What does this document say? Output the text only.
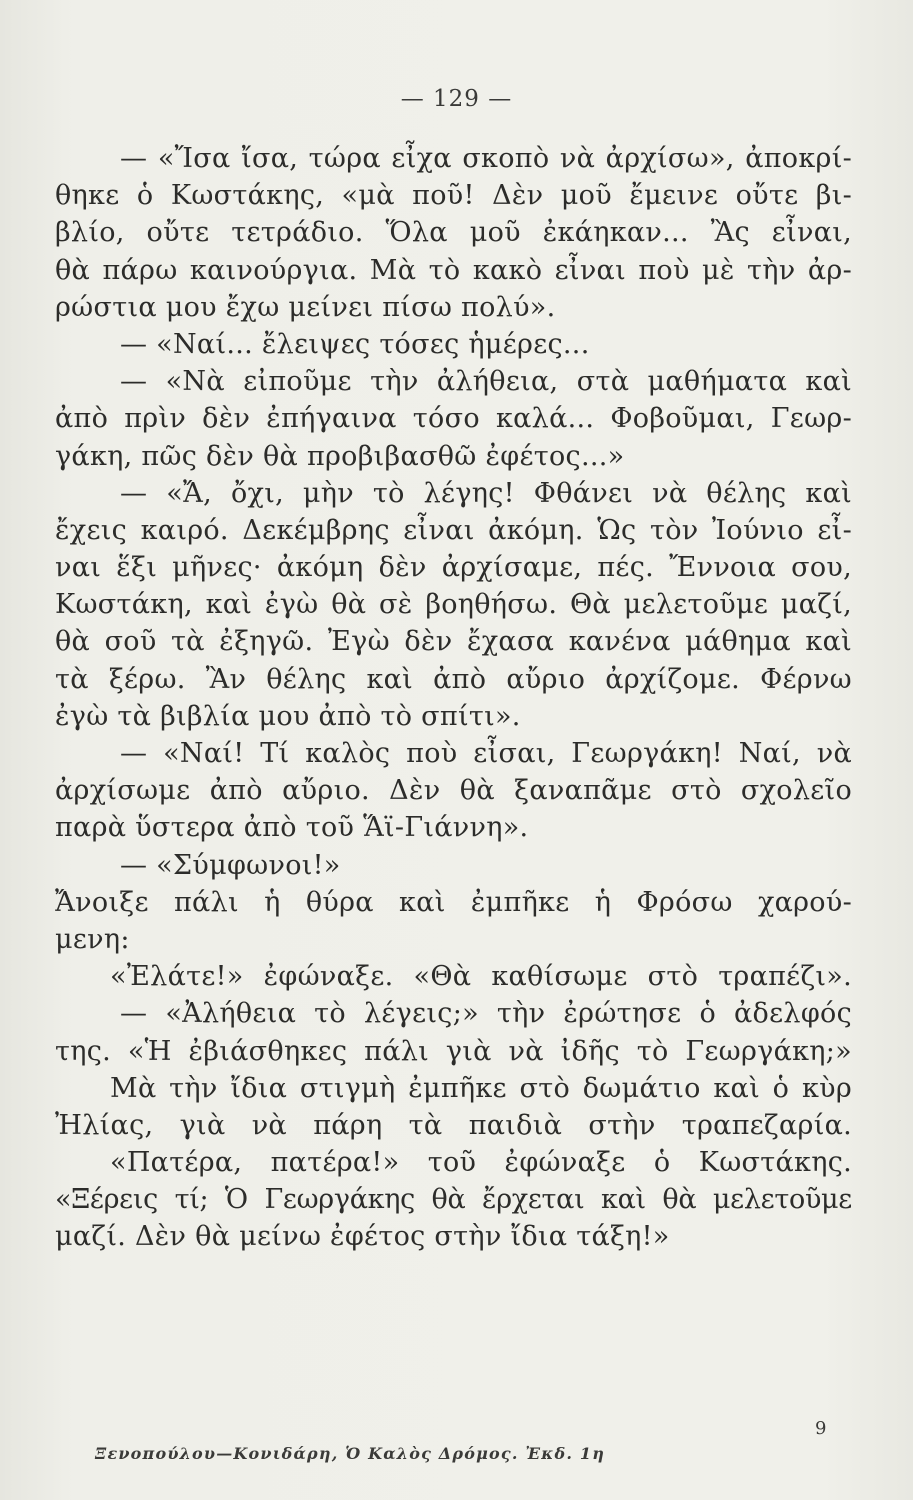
— 129 —
— «Ἴσα ἴσα, τώρα εἶχα σκοπὸ νὰ ἀρχίσω», ἀποκρί-
θηκε ὁ Κωστάκης, «μὰ ποῦ! Δὲν μοῦ ἔμεινε οὔτε βι-
βλίο, οὔτε τετράδιο. Ὅλα μοῦ ἐκάηκαν... Ἂς εἶναι,
θὰ πάρω καινούργια. Μὰ τὸ κακὸ εἶναι ποὺ μὲ τὴν ἀρ-
ρώστια μου ἔχω μείνει πίσω πολύ».
— «Ναί... ἔλειψες τόσες ἡμέρες...
— «Νὰ εἰποῦμε τὴν ἀλήθεια, στὰ μαθήματα καὶ
ἀπὸ πρὶν δὲν ἐπήγαινα τόσο καλά... Φοβοῦμαι, Γεωρ-
γάκη, πῶς δὲν θὰ προβιβασθῶ ἐφέτος...»
— «Ἄ, ὄχι, μὴν τὸ λέγης! Φθάνει νὰ θέλης καὶ
ἔχεις καιρό. Δεκέμβρης εἶναι ἀκόμη. Ὡς τὸν Ἰούνιο εἶ-
ναι ἕξι μῆνες· ἀκόμη δὲν ἀρχίσαμε, πές. Ἔννοια σου,
Κωστάκη, καὶ ἐγὼ θὰ σὲ βοηθήσω. Θὰ μελετοῦμε μαζί,
θὰ σοῦ τὰ ἐξηγῶ. Ἐγὼ δὲν ἔχασα κανένα μάθημα καὶ
τὰ ξέρω. Ἂν θέλης καὶ ἀπὸ αὔριο ἀρχίζομε. Φέρνω
ἐγὼ τὰ βιβλία μου ἀπὸ τὸ σπίτι».
— «Ναί! Τί καλὸς ποὺ εἶσαι, Γεωργάκη! Ναί, νὰ
ἀρχίσωμε ἀπὸ αὔριο. Δὲν θὰ ξαναπᾶμε στὸ σχολεῖο
παρὰ ὕστερα ἀπὸ τοῦ Ἅϊ-Γιάννη».
— «Σύμφωνοι!»
Ἄνοιξε πάλι ἡ θύρα καὶ ἐμπῆκε ἡ Φρόσω χαρού-
μενη:
«Ἐλάτε!» ἐφώναξε. «Θὰ καθίσωμε στὸ τραπέζι».
— «Ἀλήθεια τὸ λέγεις;» τὴν ἐρώτησε ὁ ἀδελφός
της. «Ἡ ἐβιάσθηκες πάλι γιὰ νὰ ἰδῆς τὸ Γεωργάκη;»
Μὰ τὴν ἴδια στιγμὴ ἐμπῆκε στὸ δωμάτιο καὶ ὁ κὺρ
Ἠλίας, γιὰ νὰ πάρη τὰ παιδιὰ στὴν τραπεζαρία.
«Πατέρα, πατέρα!» τοῦ ἐφώναξε ὁ Κωστάκης.
«Ξέρεις τί; Ὁ Γεωργάκης θὰ ἔρχεται καὶ θὰ μελετοῦμε
μαζί. Δὲν θὰ μείνω ἐφέτος στὴν ἴδια τάξη!»
9
Ξενοπούλου—Κονιδάρη, Ὁ Καλὸς Δρόμος. Ἐκδ. 1η
